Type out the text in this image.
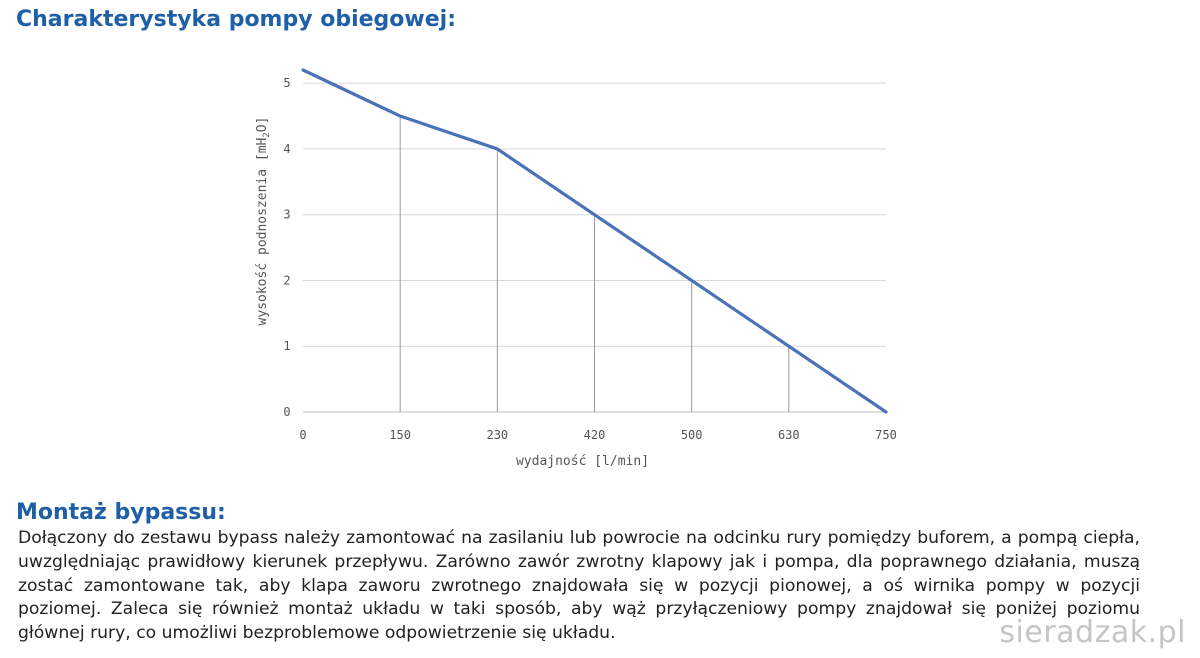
Charakterystyka pompy obiegowej:
0
1
2
3
4
5
0	150	230	420	500	630	750
wydajność [l/min]
wysokość podnoszenia $[mH_2O]$
Montaż bypassu:

Dołączony do zestawu bypass należy zamontować na zasilaniu lub powrocie na odcinku rury pomiędzy buforem, a pompą ciepła, uwzględniając prawidłowy kierunek przepływu. Zarówno zawór zwrotny klapowy jak i pompa, dla poprawnego działania, muszą zostać zamontowane tak, aby klapa zaworu zwrotnego znajdowała się w pozycji pionowej, a oś wirnika pompy w pozycji poziomej. Zaleca się również montaż układu w taki sposób, aby wąż przyłączeniowy pompy znajdował się poniżej poziomu głównej rury, co umożliwi bezproblemowe odpowietrzenie się układu.	sieradzak.pl
